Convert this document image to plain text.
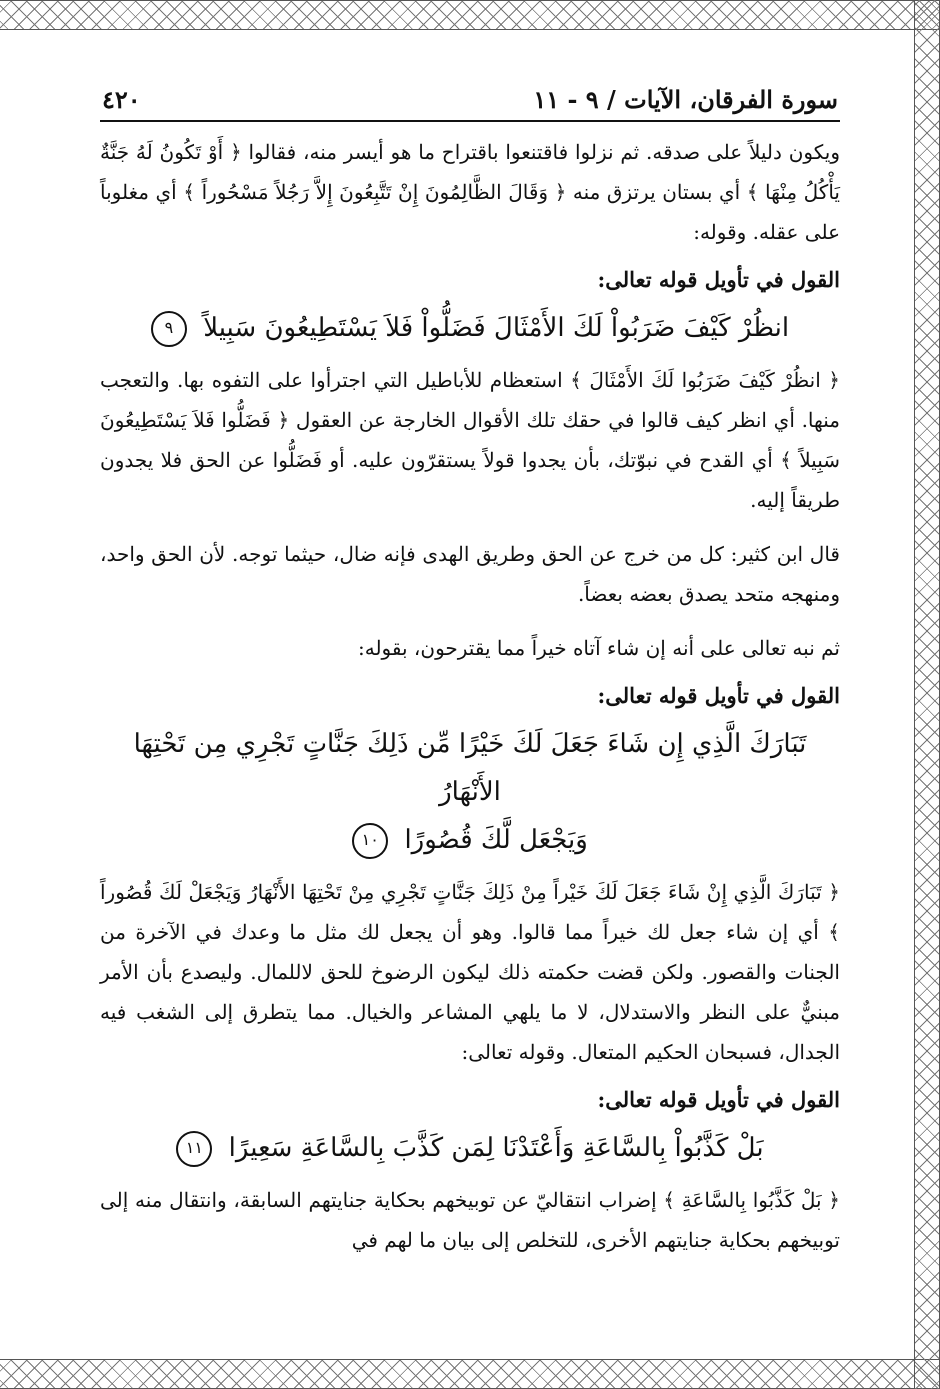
سورة الفرقان، الآيات / ٩ - ١١
٤٢٠

ويكون دليلاً على صدقه. ثم نزلوا فاقتنعوا باقتراح ما هو أيسر منه، فقالوا ﴿ أَوْ تَكُونُ لَهُ جَنَّةٌ يَأْكُلُ مِنْهَا ﴾ أي بستان يرتزق منه ﴿ وَقَالَ الظَّالِمُونَ إِنْ تَتَّبِعُونَ إِلاَّ رَجُلاً مَسْحُوراً ﴾ أي مغلوباً على عقله. وقوله:

القول في تأويل قوله تعالى:
انظُرْ كَيْفَ ضَرَبُواْ لَكَ الأَمْثَالَ فَضَلُّواْ فَلاَ يَسْتَطِيعُونَ سَبِيلاً ٩

﴿ انظُرْ كَيْفَ ضَرَبُوا لَكَ الأَمْثَالَ ﴾ استعظام للأباطيل التي اجترأوا على التفوه بها. والتعجب منها. أي انظر كيف قالوا في حقك تلك الأقوال الخارجة عن العقول ﴿ فَضَلُّوا فَلاَ يَسْتَطِيعُونَ سَبِيلاً ﴾ أي القدح في نبوّتك، بأن يجدوا قولاً يستقرّون عليه. أو فَضَلُّوا عن الحق فلا يجدون طريقاً إليه.

قال ابن كثير: كل من خرج عن الحق وطريق الهدى فإنه ضال، حيثما توجه. لأن الحق واحد، ومنهجه متحد يصدق بعضه بعضاً.

ثم نبه تعالى على أنه إن شاء آتاه خيراً مما يقترحون، بقوله:

القول في تأويل قوله تعالى:
تَبَارَكَ الَّذِي إِن شَاءَ جَعَلَ لَكَ خَيْرًا مِّن ذَلِكَ جَنَّاتٍ تَجْرِي مِن تَحْتِهَا الأَنْهَارُ
وَيَجْعَل لَّكَ قُصُورًا ١٠

﴿ تَبَارَكَ الَّذِي إِنْ شَاءَ جَعَلَ لَكَ خَيْراً مِنْ ذَلِكَ جَنَّاتٍ تَجْرِي مِنْ تَحْتِهَا الأَنْهَارُ وَيَجْعَلْ لَكَ قُصُوراً ﴾ أي إن شاء جعل لك خيراً مما قالوا. وهو أن يجعل لك مثل ما وعدك في الآخرة من الجنات والقصور. ولكن قضت حكمته ذلك ليكون الرضوخ للحق لاللمال. وليصدع بأن الأمر مبنيٌّ على النظر والاستدلال، لا ما يلهي المشاعر والخيال. مما يتطرق إلى الشغب فيه الجدال، فسبحان الحكيم المتعال. وقوله تعالى:

القول في تأويل قوله تعالى:
بَلْ كَذَّبُواْ بِالسَّاعَةِ وَأَعْتَدْنَا لِمَن كَذَّبَ بِالسَّاعَةِ سَعِيرًا ١١

﴿ بَلْ كَذَّبُوا بِالسَّاعَةِ ﴾ إضراب انتقاليّ عن توبيخهم بحكاية جنايتهم السابقة، وانتقال منه إلى توبيخهم بحكاية جنايتهم الأخرى، للتخلص إلى بيان ما لهم في
